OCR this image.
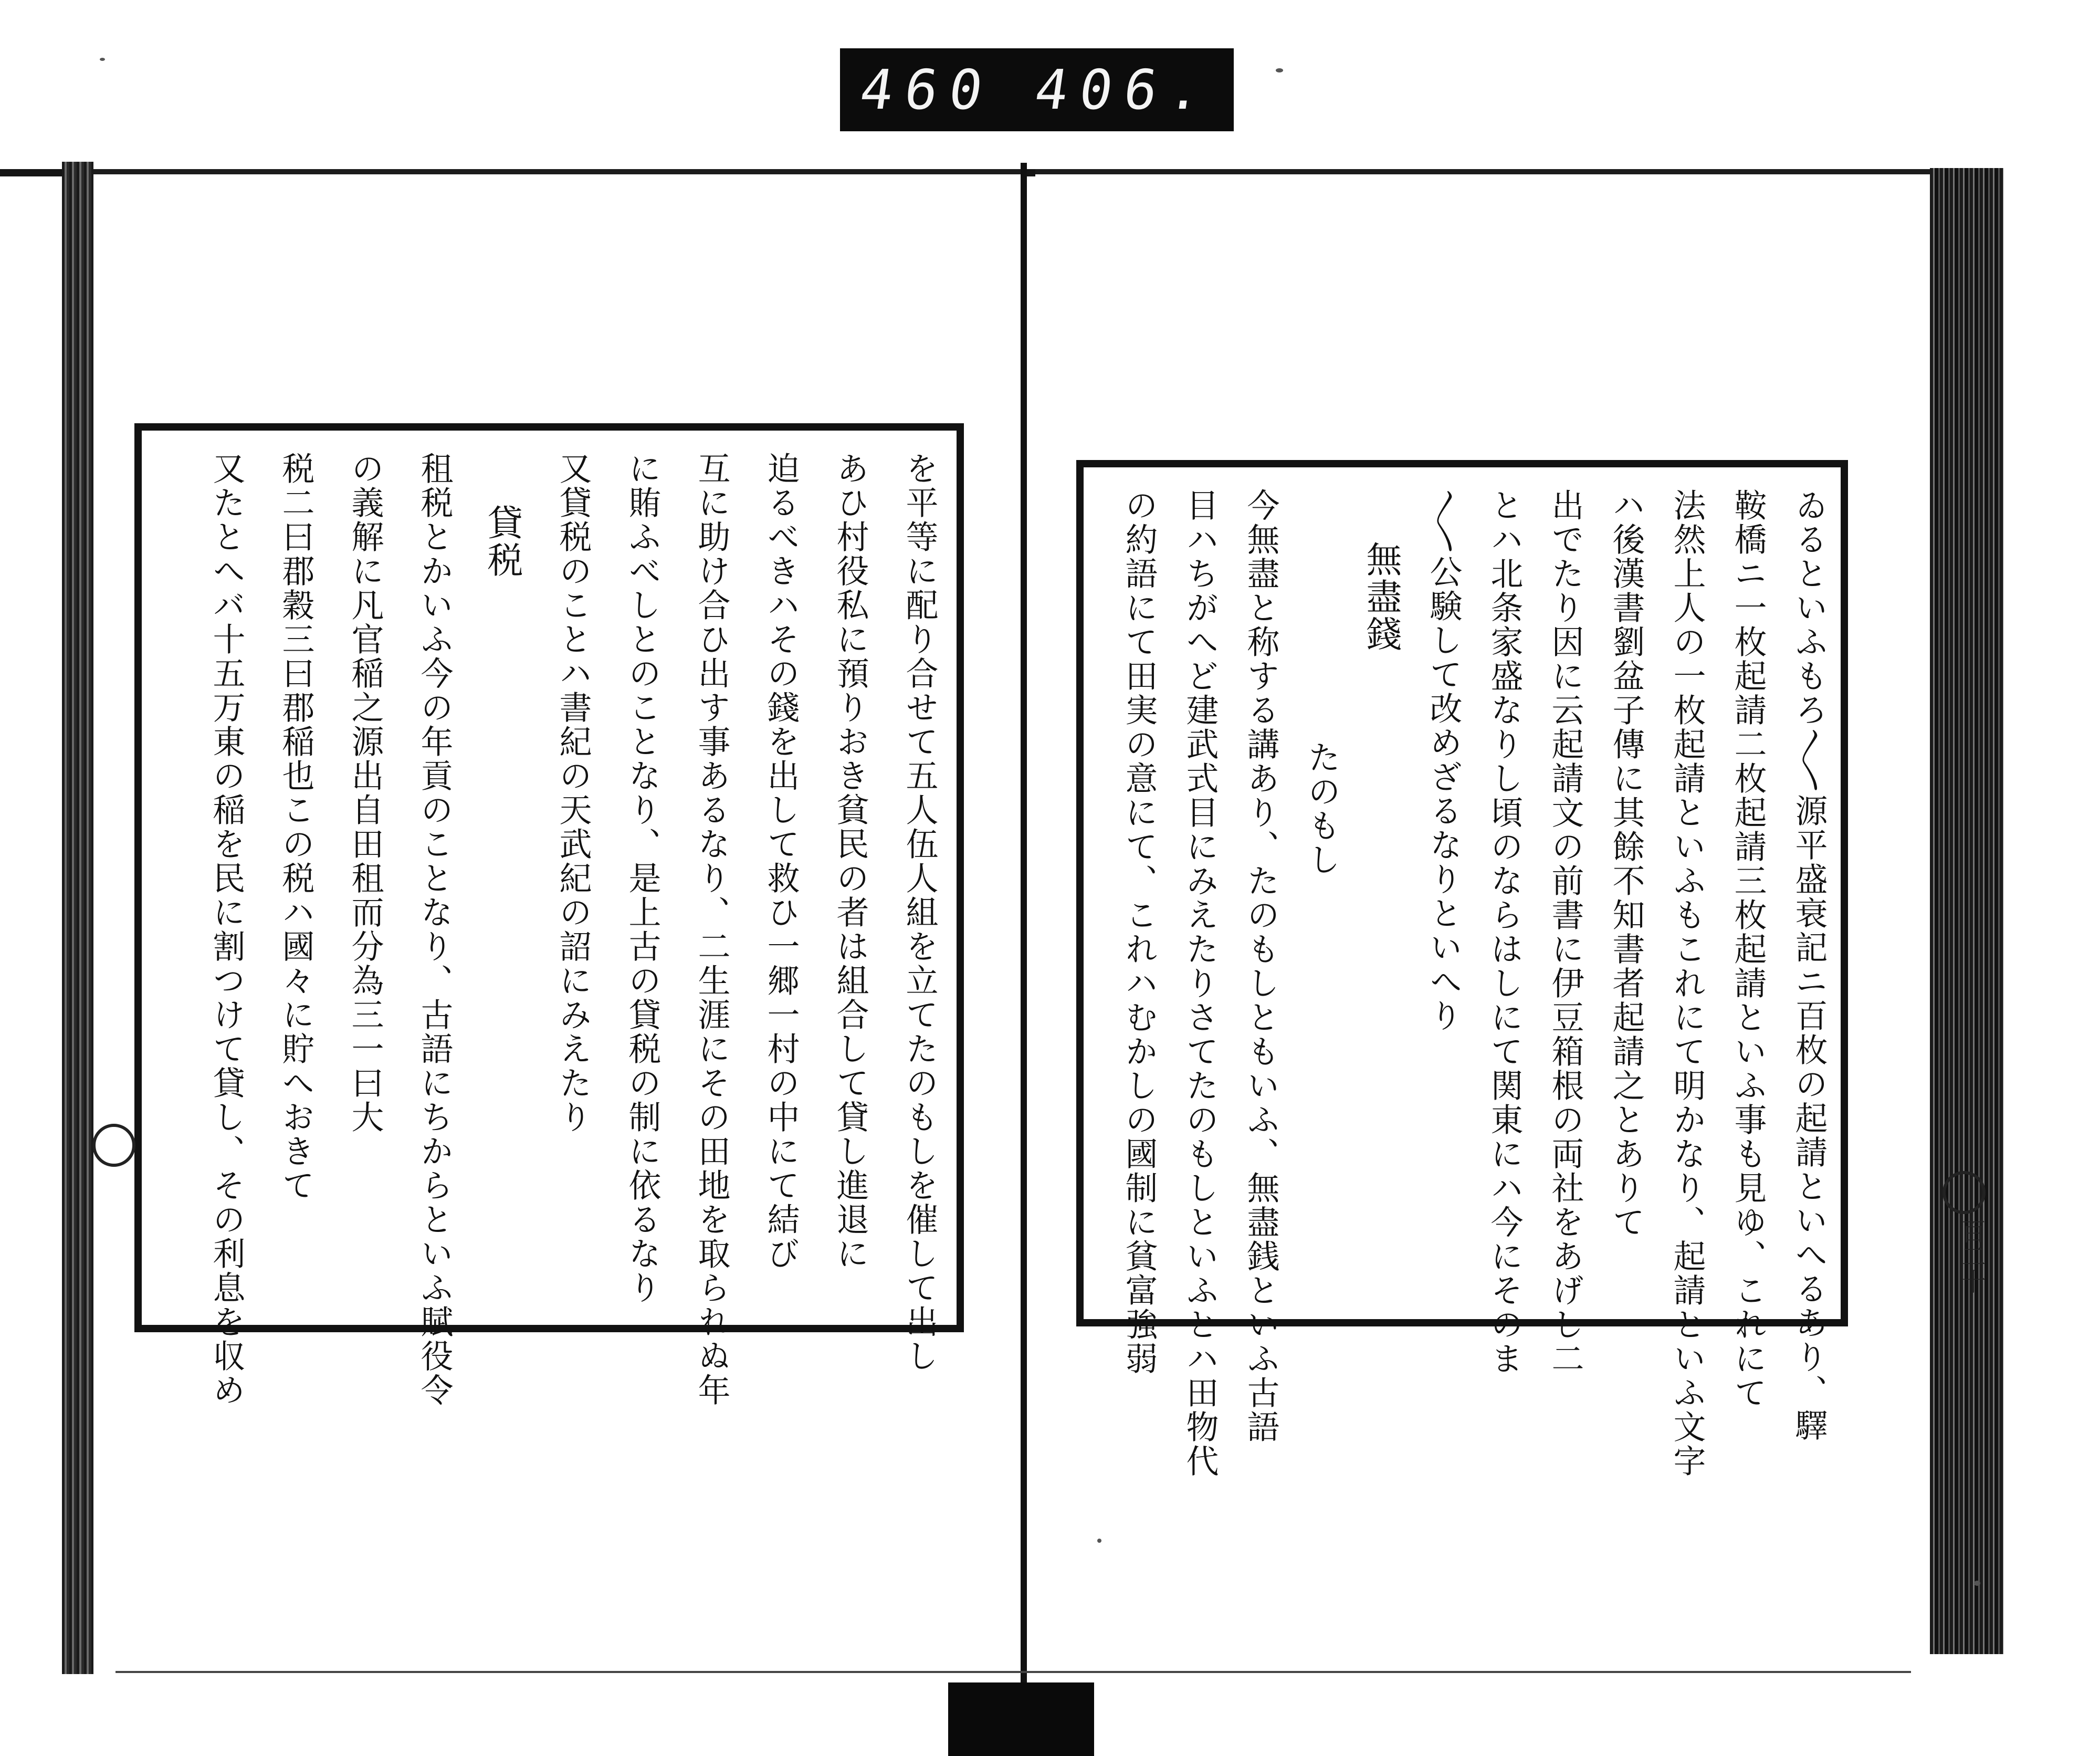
460 406.
を平等に配り合せて五人伍人組を立てたのもしを催して出し
あひ村役私に預りおき貧民の者は組合して貸し進退に
迫るべきハその錢を出して救ひ一郷一村の中にて結び
互に助け合ひ出す事あるなり、二生涯にその田地を取られぬ年
に賄ふべしとのことなり、是上古の貸税の制に依るなり
又貸税のことハ書紀の天武紀の詔にみえたり
貸税
租税とかいふ今の年貢のことなり、古語にちからといふ賦役令
の義解に凡官稲之源出自田租而分為三一曰大
税二曰郡穀三曰郡稲也この税ハ國々に貯へおきて
又たとへバ十五万東の稲を民に割つけて貸し、その利息を収め	ゐるといふもろ〳〵源平盛衰記ニ百枚の起請といへるあり、驛
鞍橋ニ一枚起請二枚起請三枚起請といふ事も見ゆ、これにて
法然上人の一枚起請といふもこれにて明かなり、起請といふ文字
ハ後漢書劉盆子傳に其餘不知書者起請之とありて
出でたり因に云起請文の前書に伊豆箱根の両社をあげし二
とハ北条家盛なりし頃のならはしにて関東にハ今にそのま
〳〵公験して改めざるなりといへり
無盡錢
たのもし
今無盡と称する講あり、たのもしともいふ、無盡銭といふ古語
目ハちがへど建武式目にみえたりさてたのもしといふとハ田物代
の約語にて田実の意にて、これハむかしの國制に貧富強弱	百二十
